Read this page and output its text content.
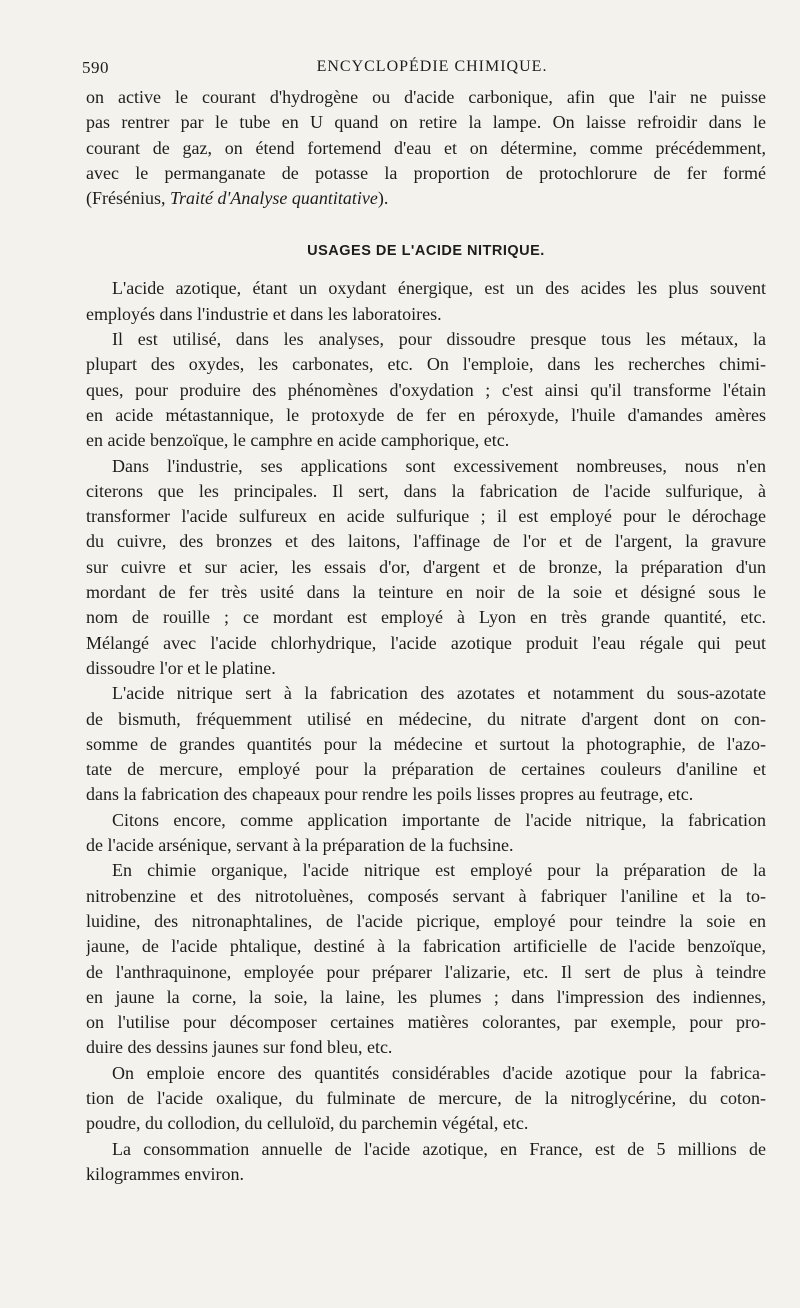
590	ENCYCLOPÉDIE CHIMIQUE.
on active le courant d'hydrogène ou d'acide carbonique, afin que l'air ne puisse
pas rentrer par le tube en U quand on retire la lampe. On laisse refroidir dans le
courant de gaz, on étend fortemend d'eau et on détermine, comme précédemment,
avec le permanganate de potasse la proportion de protochlorure de fer formé
(Frésénius, Traité d'Analyse quantitative).
USAGES DE L'ACIDE NITRIQUE.
L'acide azotique, étant un oxydant énergique, est un des acides les plus souvent
employés dans l'industrie et dans les laboratoires.
Il est utilisé, dans les analyses, pour dissoudre presque tous les métaux, la
plupart des oxydes, les carbonates, etc. On l'emploie, dans les recherches chimi-
ques, pour produire des phénomènes d'oxydation ; c'est ainsi qu'il transforme l'étain
en acide métastannique, le protoxyde de fer en péroxyde, l'huile d'amandes amères
en acide benzoïque, le camphre en acide camphorique, etc.
Dans l'industrie, ses applications sont excessivement nombreuses, nous n'en
citerons que les principales. Il sert, dans la fabrication de l'acide sulfurique, à
transformer l'acide sulfureux en acide sulfurique ; il est employé pour le dérochage
du cuivre, des bronzes et des laitons, l'affinage de l'or et de l'argent, la gravure
sur cuivre et sur acier, les essais d'or, d'argent et de bronze, la préparation d'un
mordant de fer très usité dans la teinture en noir de la soie et désigné sous le
nom de rouille ; ce mordant est employé à Lyon en très grande quantité, etc.
Mélangé avec l'acide chlorhydrique, l'acide azotique produit l'eau régale qui peut
dissoudre l'or et le platine.
L'acide nitrique sert à la fabrication des azotates et notamment du sous-azotate
de bismuth, fréquemment utilisé en médecine, du nitrate d'argent dont on con-
somme de grandes quantités pour la médecine et surtout la photographie, de l'azo-
tate de mercure, employé pour la préparation de certaines couleurs d'aniline et
dans la fabrication des chapeaux pour rendre les poils lisses propres au feutrage, etc.
Citons encore, comme application importante de l'acide nitrique, la fabrication
de l'acide arsénique, servant à la préparation de la fuchsine.
En chimie organique, l'acide nitrique est employé pour la préparation de la
nitrobenzine et des nitrotoluènes, composés servant à fabriquer l'aniline et la to-
luidine, des nitronaphtalines, de l'acide picrique, employé pour teindre la soie en
jaune, de l'acide phtalique, destiné à la fabrication artificielle de l'acide benzoïque,
de l'anthraquinone, employée pour préparer l'alizarie, etc. Il sert de plus à teindre
en jaune la corne, la soie, la laine, les plumes ; dans l'impression des indiennes,
on l'utilise pour décomposer certaines matières colorantes, par exemple, pour pro-
duire des dessins jaunes sur fond bleu, etc.
On emploie encore des quantités considérables d'acide azotique pour la fabrica-
tion de l'acide oxalique, du fulminate de mercure, de la nitroglycérine, du coton-
poudre, du collodion, du celluloïd, du parchemin végétal, etc.
La consommation annuelle de l'acide azotique, en France, est de 5 millions de
kilogrammes environ.
